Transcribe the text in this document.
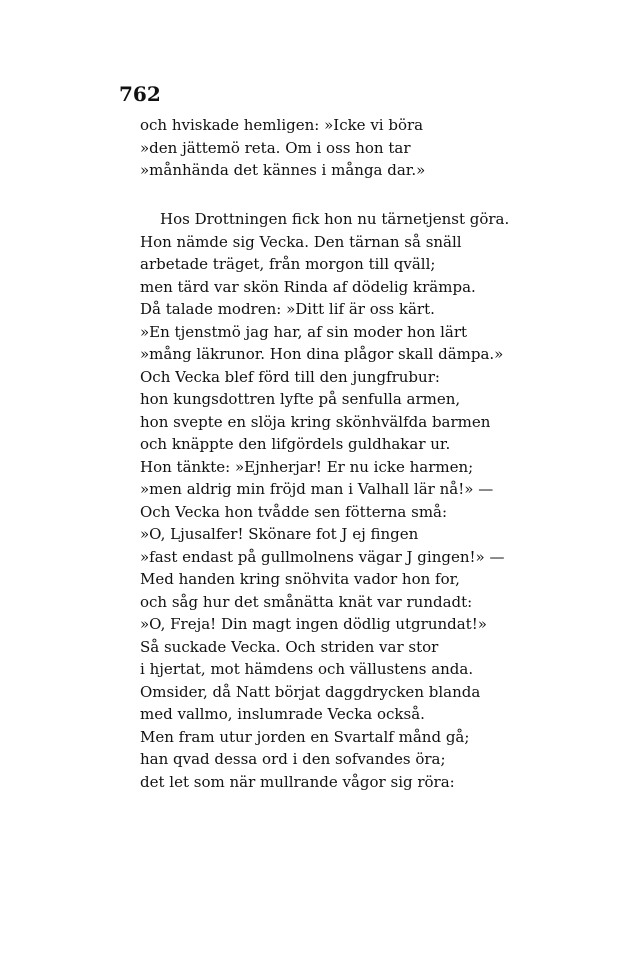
762
och hviskade hemligen: »Icke vi böra
»den jättemö reta. Om i oss hon tar
»månhända det kännes i många dar.»
Hos Drottningen fick hon nu tärnetjenst göra.
Hon nämde sig Vecka. Den tärnan så snäll
arbetade träget, från morgon till qväll;
men tärd var skön Rinda af dödelig krämpa.
Då talade modren: »Ditt lif är oss kärt.
»En tjenstmö jag har, af sin moder hon lärt
»mång läkrunor. Hon dina plågor skall dämpa.»
Och Vecka blef förd till den jungfrubur:
hon kungsdottren lyfte på senfulla armen,
hon svepte en slöja kring skönhvälfda barmen
och knäppte den lifgördels guldhakar ur.
Hon tänkte: »Ejnherjar! Er nu icke harmen;
»men aldrig min fröjd man i Valhall lär nå!» —
Och Vecka hon tvådde sen fötterna små:
»O, Ljusalfer! Skönare fot J ej fingen
»fast endast på gullmolnens vägar J gingen!» —
Med handen kring snöhvita vador hon for,
och såg hur det smånätta knät var rundadt:
»O, Freja! Din magt ingen dödlig utgrundat!»
Så suckade Vecka. Och striden var stor
i hjertat, mot hämdens och vällustens anda.
Omsider, då Natt börjat daggdrycken blanda
med vallmo, inslumrade Vecka också.
Men fram utur jorden en Svartalf månd gå;
han qvad dessa ord i den sofvandes öra;
det let som när mullrande vågor sig röra:
